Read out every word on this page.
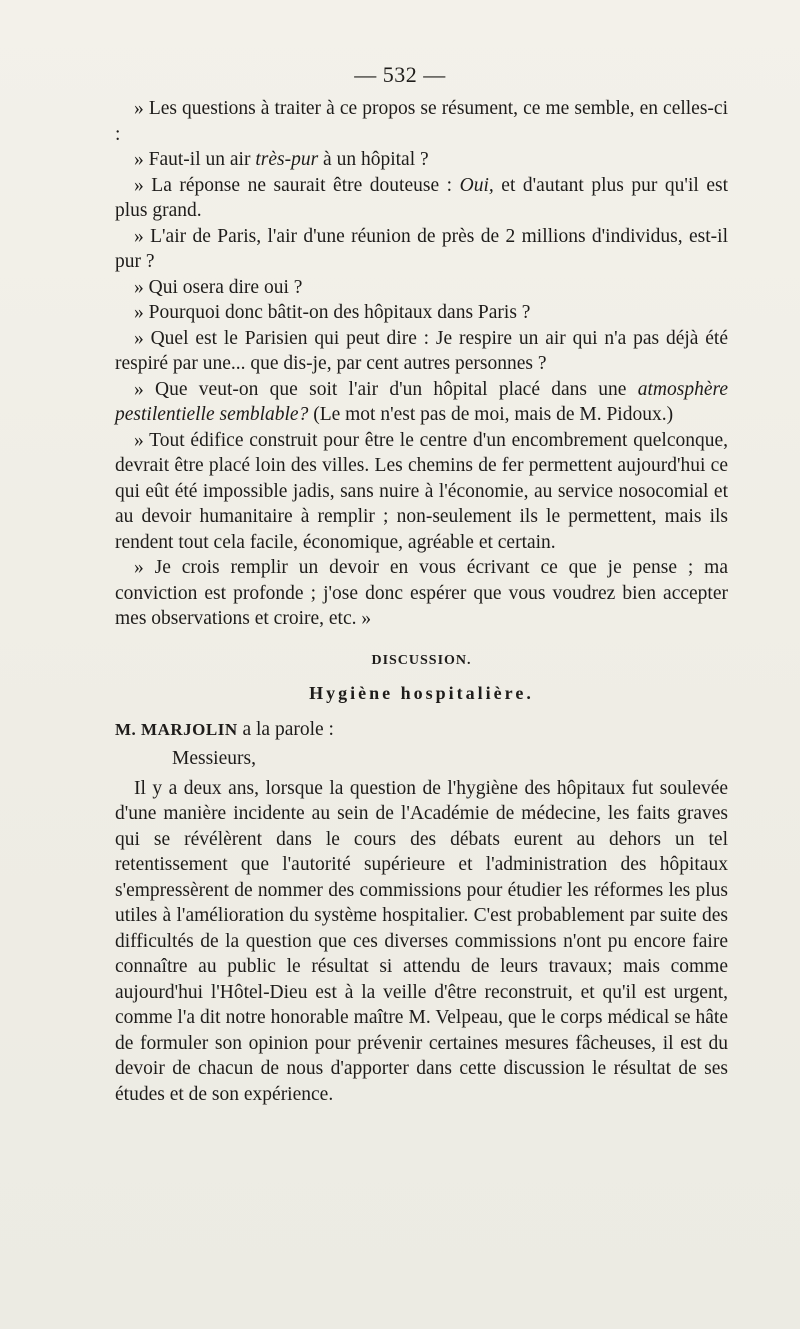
— 532 —

» Les questions à traiter à ce propos se résument, ce me semble, en celles-ci :

» Faut-il un air très-pur à un hôpital ?

» La réponse ne saurait être douteuse : Oui, et d'autant plus pur qu'il est plus grand.

» L'air de Paris, l'air d'une réunion de près de 2 millions d'individus, est-il pur ?

» Qui osera dire oui ?

» Pourquoi donc bâtit-on des hôpitaux dans Paris ?

» Quel est le Parisien qui peut dire : Je respire un air qui n'a pas déjà été respiré par une... que dis-je, par cent autres personnes ?

» Que veut-on que soit l'air d'un hôpital placé dans une atmosphère pestilentielle semblable? (Le mot n'est pas de moi, mais de M. Pidoux.)

» Tout édifice construit pour être le centre d'un encombrement quelconque, devrait être placé loin des villes. Les chemins de fer permettent aujourd'hui ce qui eût été impossible jadis, sans nuire à l'économie, au service nosocomial et au devoir humanitaire à remplir ; non-seulement ils le permettent, mais ils rendent tout cela facile, économique, agréable et certain.

» Je crois remplir un devoir en vous écrivant ce que je pense ; ma conviction est profonde ; j'ose donc espérer que vous voudrez bien accepter mes observations et croire, etc. »

DISCUSSION.

Hygiène hospitalière.

M. MARJOLIN a la parole :

Messieurs,

Il y a deux ans, lorsque la question de l'hygiène des hôpitaux fut soulevée d'une manière incidente au sein de l'Académie de médecine, les faits graves qui se révélèrent dans le cours des débats eurent au dehors un tel retentissement que l'autorité supérieure et l'administration des hôpitaux s'empressèrent de nommer des commissions pour étudier les réformes les plus utiles à l'amélioration du système hospitalier. C'est probablement par suite des difficultés de la question que ces diverses commissions n'ont pu encore faire connaître au public le résultat si attendu de leurs travaux; mais comme aujourd'hui l'Hôtel-Dieu est à la veille d'être reconstruit, et qu'il est urgent, comme l'a dit notre honorable maître M. Velpeau, que le corps médical se hâte de formuler son opinion pour prévenir certaines mesures fâcheuses, il est du devoir de chacun de nous d'apporter dans cette discussion le résultat de ses études et de son expérience.
